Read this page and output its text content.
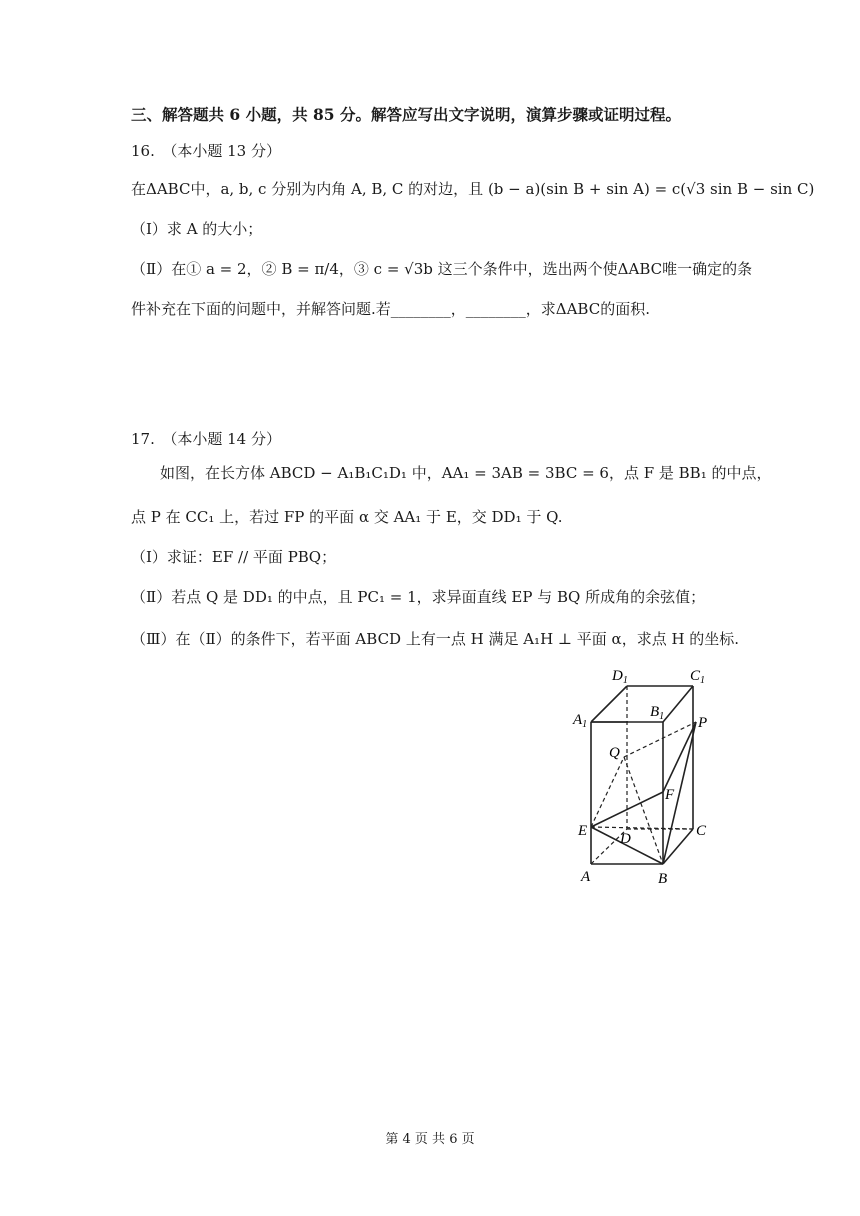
三、解答题共 6 小题，共 85 分。解答应写出文字说明，演算步骤或证明过程。
16.　（本小题 13 分）
在ΔABC中，a, b, c 分别为内角 A, B, C 的对边，且 (b − a)(sin B + sin A) = c(√3 sin B − sin C)
（Ⅰ）求 A 的大小；
（Ⅱ）在① a = 2，② B = π/4，③ c = √3b 这三个条件中，选出两个使ΔABC唯一确定的条
件补充在下面的问题中，并解答问题.若________，________，求ΔABC的面积.
17.　（本小题 14 分）
如图，在长方体 ABCD − A₁B₁C₁D₁ 中，AA₁ = 3AB = 3BC = 6，点 F 是 BB₁ 的中点，
点 P 在 CC₁ 上，若过 FP 的平面 α 交 AA₁ 于 E，交 DD₁ 于 Q.
（Ⅰ）求证：EF // 平面 PBQ；
（Ⅱ）若点 Q 是 DD₁ 的中点，且 PC₁ = 1，求异面直线 EP 与 BQ 所成角的余弦值；
（Ⅲ）在（Ⅱ）的条件下，若平面 ABCD 上有一点 H 满足 A₁H ⊥ 平面 α，求点 H 的坐标.
$D_1$	$C_1$
$A_1$
$B_1$ P
Q
F
E D	C
A	B
第 4 页 共 6 页
